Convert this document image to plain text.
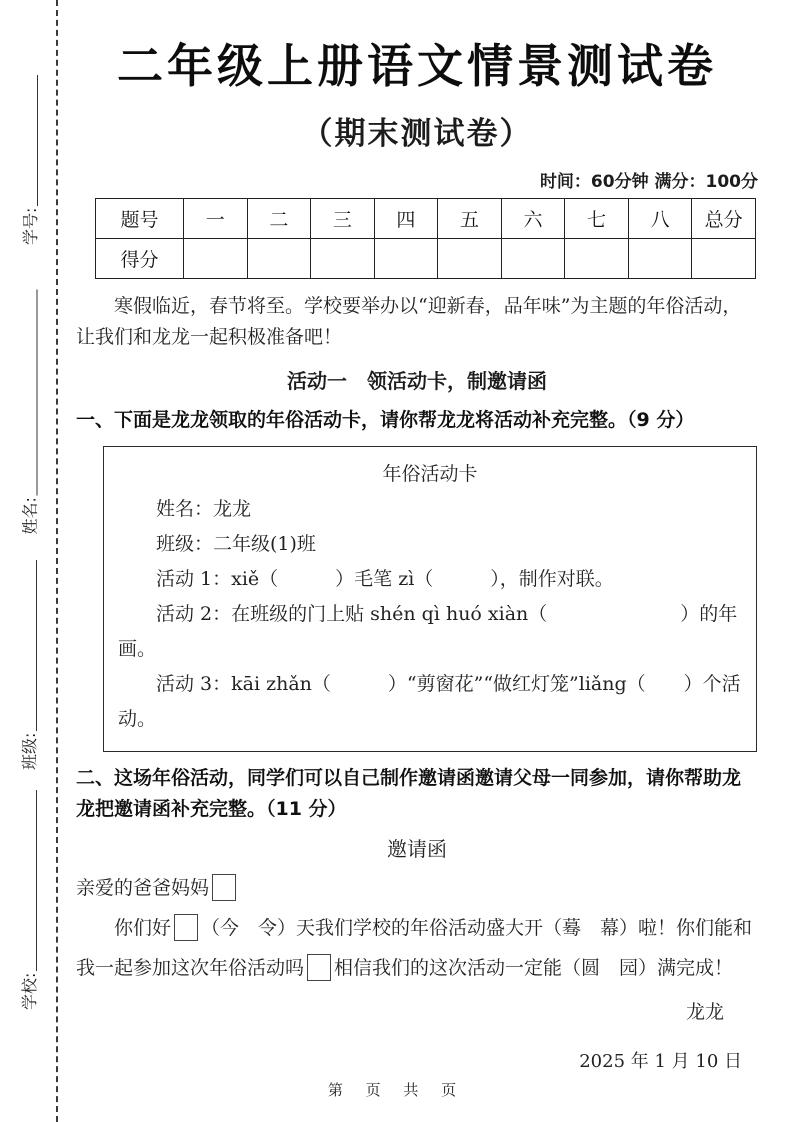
学号:
姓名:
班级:
学校:
二年级上册语文情景测试卷
（期末测试卷）
时间：60分钟 满分：100分
题号	一	二	三	四	五	六	七	八	总分
得分									

寒假临近，春节将至。学校要举办以“迎新春，品年味”为主题的年俗活动，让我们和龙龙一起积极准备吧！

活动一　领活动卡，制邀请函

一、下面是龙龙领取的年俗活动卡，请你帮龙龙将活动补充完整。（9 分）

年俗活动卡

姓名：龙龙

班级：二年级(1)班

活动 1：xiě（　　　）毛笔 zì（　　　），制作对联。

活动 2：在班级的门上贴 shén qì huó xiàn（　　　　　　　）的年画。

活动 3：kāi zhǎn（　　　）“剪窗花”“做红灯笼”liǎng（　　）个活动。

二、这场年俗活动，同学们可以自己制作邀请函邀请父母一同参加，请你帮助龙龙把邀请函补充完整。（11 分）

邀请函

亲爱的爸爸妈妈

你们好 （今　令）天我们学校的年俗活动盛大开（蓦　幕）啦！你们能和我一起参加这次年俗活动吗 相信我们的这次活动一定能（圆　园）满完成！

龙龙

2025 年 1 月 10 日

第 页 共 页
